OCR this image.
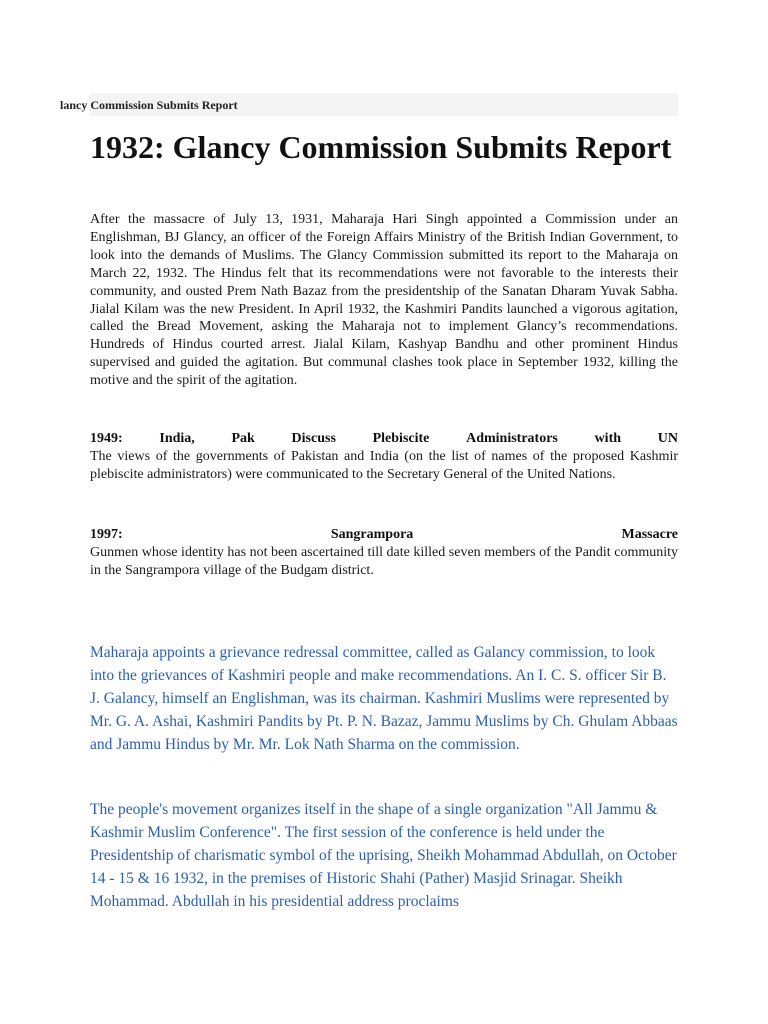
lancy Commission Submits Report
1932: Glancy Commission Submits Report

After the massacre of July 13, 1931, Maharaja Hari Singh appointed a Commission under an Englishman, BJ Glancy, an officer of the Foreign Affairs Ministry of the British Indian Government, to look into the demands of Muslims. The Glancy Commission submitted its report to the Maharaja on March 22, 1932. The Hindus felt that its recommendations were not favorable to the interests their community, and ousted Prem Nath Bazaz from the presidentship of the Sanatan Dharam Yuvak Sabha. Jialal Kilam was the new President. In April 1932, the Kashmiri Pandits launched a vigorous agitation, called the Bread Movement, asking the Maharaja not to implement Glancy’s recommendations. Hundreds of Hindus courted arrest. Jialal Kilam, Kashyap Bandhu and other prominent Hindus supervised and guided the agitation. But communal clashes took place in September 1932, killing the motive and the spirit of the agitation.

1949:	India,	Pak	Discuss	Plebiscite	Administrators	with	UN

The views of the governments of Pakistan and India (on the list of names of the proposed Kashmir plebiscite administrators) were communicated to the Secretary General of the United Nations.

1997:	Sangrampora	Massacre

Gunmen whose identity has not been ascertained till date killed seven members of the Pandit community in the Sangrampora village of the Budgam district.

Maharaja appoints a grievance redressal committee, called as Galancy commission, to look into the grievances of Kashmiri people and make recommendations. An I. C. S. officer Sir B. J. Galancy, himself an Englishman, was its chairman. Kashmiri Muslims were represented by Mr. G. A. Ashai, Kashmiri Pandits by Pt. P. N. Bazaz, Jammu Muslims by Ch. Ghulam Abbaas and Jammu Hindus by Mr. Mr. Lok Nath Sharma on the commission.

The people's movement organizes itself in the shape of a single organization "All Jammu & Kashmir Muslim Conference". The first session of the conference is held under the Presidentship of charismatic symbol of the uprising, Sheikh Mohammad Abdullah, on October 14 - 15 & 16 1932, in the premises of Historic Shahi (Pather) Masjid Srinagar. Sheikh Mohammad. Abdullah in his presidential address proclaims
